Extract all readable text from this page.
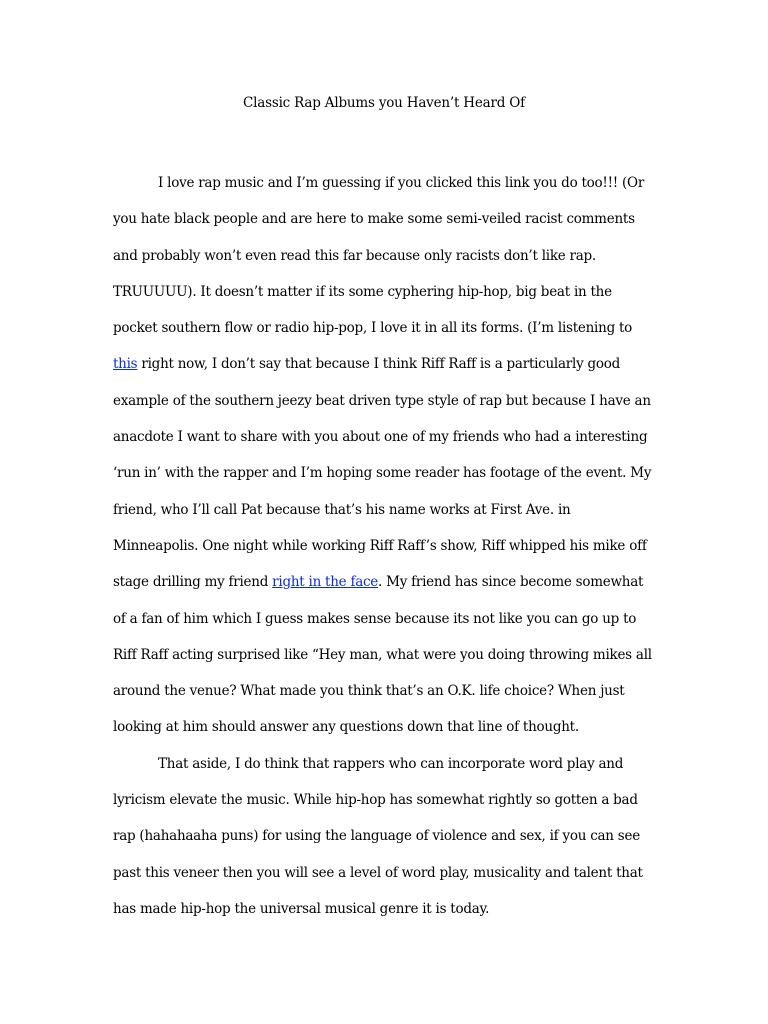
Classic Rap Albums you Haven’t Heard Of

I love rap music and I’m guessing if you clicked this link you do too!!! (Or you hate black people and are here to make some semi-veiled racist comments and probably won’t even read this far because only racists don’t like rap. TRUUUUU). It doesn’t matter if its some cyphering hip-hop, big beat in the pocket southern flow or radio hip-pop, I love it in all its forms. (I’m listening to this right now, I don’t say that because I think Riff Raff is a particularly good example of the southern jeezy beat driven type style of rap but because I have an anacdote I want to share with you about one of my friends who had a interesting ‘run in’ with the rapper and I’m hoping some reader has footage of the event. My friend, who I’ll call Pat because that’s his name works at First Ave. in Minneapolis. One night while working Riff Raff’s show, Riff whipped his mike off stage drilling my friend right in the face. My friend has since become somewhat of a fan of him which I guess makes sense because its not like you can go up to Riff Raff acting surprised like “Hey man, what were you doing throwing mikes all around the venue? What made you think that’s an O.K. life choice? When just looking at him should answer any questions down that line of thought.

That aside, I do think that rappers who can incorporate word play and lyricism elevate the music. While hip-hop has somewhat rightly so gotten a bad rap (hahahaaha puns) for using the language of violence and sex, if you can see past this veneer then you will see a level of word play, musicality and talent that has made hip-hop the universal musical genre it is today.
